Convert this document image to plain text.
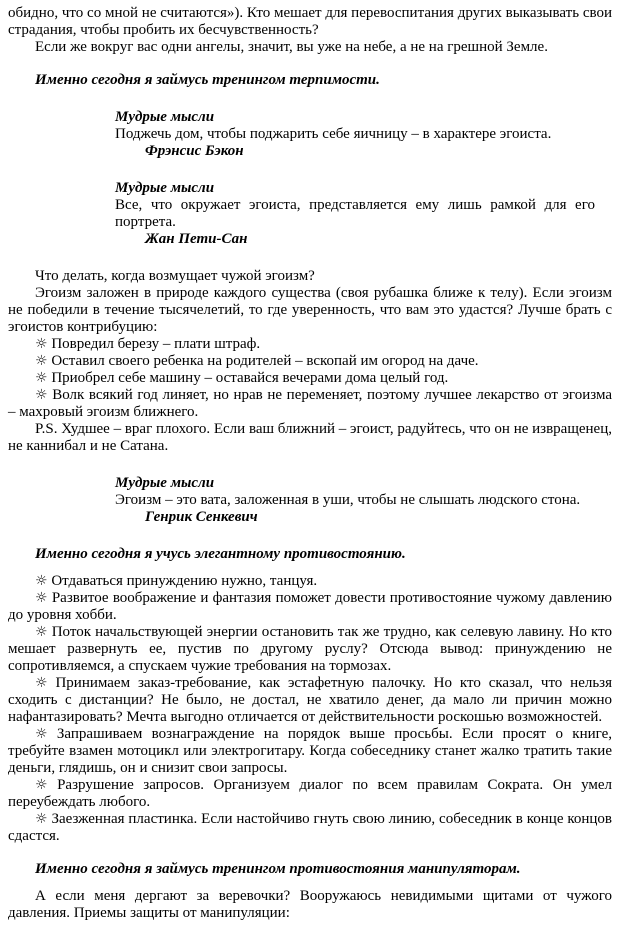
обидно, что со мной не считаются»). Кто мешает для перевоспитания других выказывать свои страдания, чтобы пробить их бесчувственность?

Если же вокруг вас одни ангелы, значит, вы уже на небе, а не на грешной Земле.

Именно сегодня я займусь тренингом терпимости.

Мудрые мысли

Поджечь дом, чтобы поджарить себе яичницу – в характере эгоиста.

Фрэнсис Бэкон

Мудрые мысли

Все, что окружает эгоиста, представляется ему лишь рамкой для его портрета.

Жан Пети-Сан

Что делать, когда возмущает чужой эгоизм?

Эгоизм заложен в природе каждого существа (своя рубашка ближе к телу). Если эгоизм не победили в течение тысячелетий, то где уверенность, что вам это удастся? Лучше брать с эгоистов контрибуцию:

☼ Повредил березу – плати штраф.

☼ Оставил своего ребенка на родителей – вскопай им огород на даче.

☼ Приобрел себе машину – оставайся вечерами дома целый год.

☼ Волк всякий год линяет, но нрав не переменяет, поэтому лучшее лекарство от эгоизма – махровый эгоизм ближнего.

P.S. Худшее – враг плохого. Если ваш ближний – эгоист, радуйтесь, что он не извращенец, не каннибал и не Сатана.

Мудрые мысли

Эгоизм – это вата, заложенная в уши, чтобы не слышать людского стона.

Генрик Сенкевич

Именно сегодня я учусь элегантному противостоянию.

☼ Отдаваться принуждению нужно, танцуя.

☼ Развитое воображение и фантазия поможет довести противостояние чужому давлению до уровня хобби.

☼ Поток начальствующей энергии остановить так же трудно, как селевую лавину. Но кто мешает развернуть ее, пустив по другому руслу? Отсюда вывод: принуждению не сопротивляемся, а спускаем чужие требования на тормозах.

☼ Принимаем заказ-требование, как эстафетную палочку. Но кто сказал, что нельзя сходить с дистанции? Не было, не достал, не хватило денег, да мало ли причин можно нафантазировать? Мечта выгодно отличается от действительности роскошью возможностей.

☼ Запрашиваем вознаграждение на порядок выше просьбы. Если просят о книге, требуйте взамен мотоцикл или электрогитару. Когда собеседнику станет жалко тратить такие деньги, глядишь, он и снизит свои запросы.

☼ Разрушение запросов. Организуем диалог по всем правилам Сократа. Он умел переубеждать любого.

☼ Заезженная пластинка. Если настойчиво гнуть свою линию, собеседник в конце концов сдастся.

Именно сегодня я займусь тренингом противостояния манипуляторам.

А если меня дергают за веревочки? Вооружаюсь невидимыми щитами от чужого давления. Приемы защиты от манипуляции:
